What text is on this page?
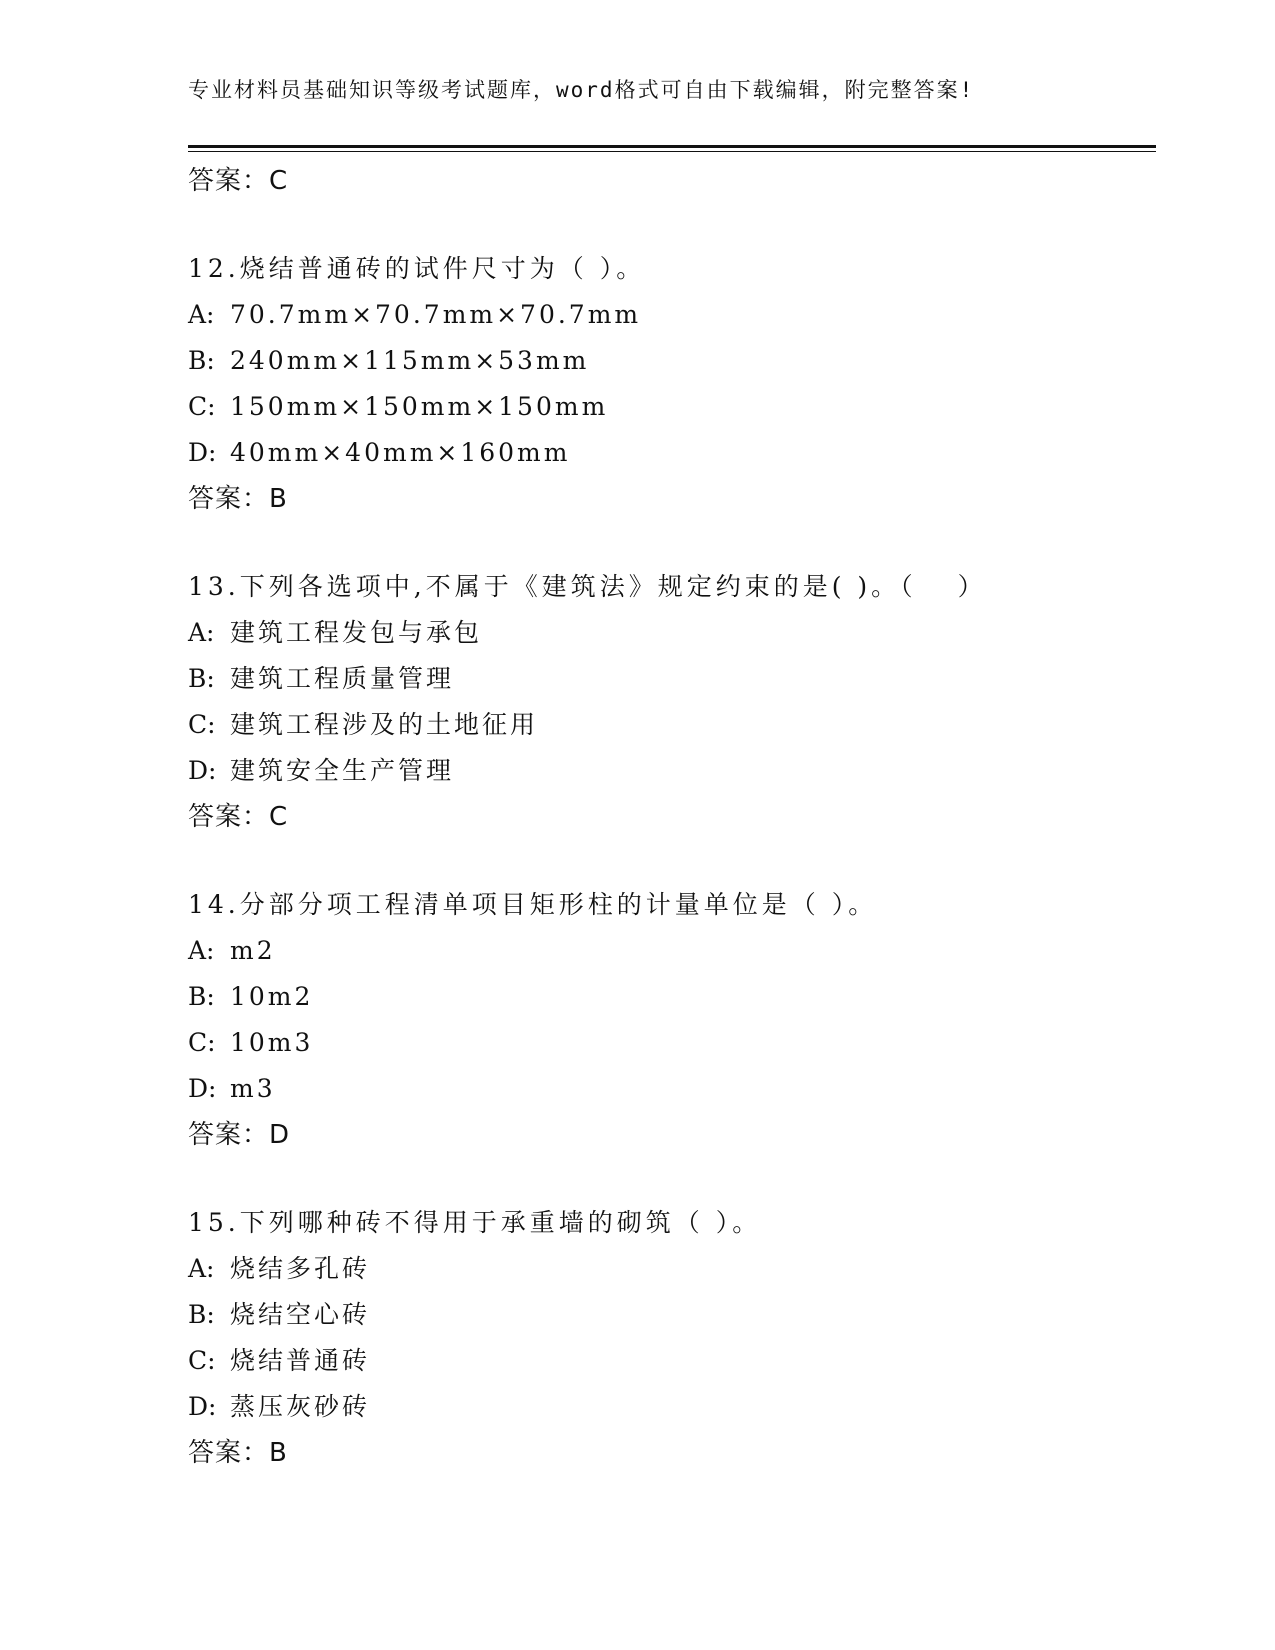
专业材料员基础知识等级考试题库，word格式可自由下载编辑，附完整答案!
答案：C
12.烧结普通砖的试件尺寸为（ ）。
A: 70.7mm×70.7mm×70.7mm
B: 240mm×115mm×53mm
C: 150mm×150mm×150mm
D: 40mm×40mm×160mm
答案：B
13.下列各选项中,不属于《建筑法》规定约束的是( )。（　 ）
A: 建筑工程发包与承包
B: 建筑工程质量管理
C: 建筑工程涉及的土地征用
D: 建筑安全生产管理
答案：C
14.分部分项工程清单项目矩形柱的计量单位是（ ）。
A: m2
B: 10m2
C: 10m3
D: m3
答案：D
15.下列哪种砖不得用于承重墙的砌筑（ ）。
A: 烧结多孔砖
B: 烧结空心砖
C: 烧结普通砖
D: 蒸压灰砂砖
答案：B
